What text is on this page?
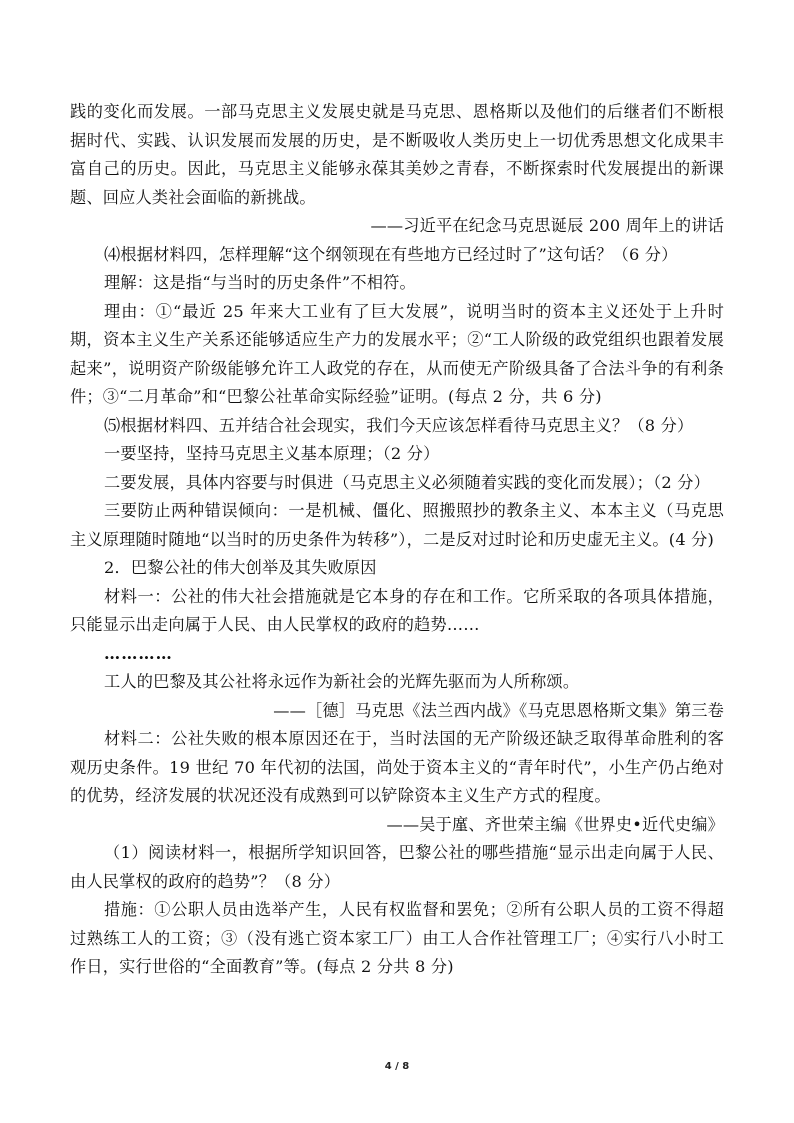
践的变化而发展。一部马克思主义发展史就是马克思、恩格斯以及他们的后继者们不断根据时代、实践、认识发展而发展的历史，是不断吸收人类历史上一切优秀思想文化成果丰富自己的历史。因此，马克思主义能够永葆其美妙之青春，不断探索时代发展提出的新课题、回应人类社会面临的新挑战。

——习近平在纪念马克思诞辰 200 周年上的讲话

⑷根据材料四，怎样理解“这个纲领现在有些地方已经过时了”这句话？（6 分）

理解：这是指“与当时的历史条件”不相符。

理由：①“最近 25 年来大工业有了巨大发展”，说明当时的资本主义还处于上升时期，资本主义生产关系还能够适应生产力的发展水平；②“工人阶级的政党组织也跟着发展起来”，说明资产阶级能够允许工人政党的存在，从而使无产阶级具备了合法斗争的有利条件；③“二月革命”和“巴黎公社革命实际经验”证明。(每点 2 分，共 6 分)

⑸根据材料四、五并结合社会现实，我们今天应该怎样看待马克思主义？（8 分）

一要坚持，坚持马克思主义基本原理；（2 分）

二要发展，具体内容要与时俱进（马克思主义必须随着实践的变化而发展）；（2 分）

三要防止两种错误倾向：一是机械、僵化、照搬照抄的教条主义、本本主义（马克思主义原理随时随地“以当时的历史条件为转移”），二是反对过时论和历史虚无主义。(4 分)

2．巴黎公社的伟大创举及其失败原因

材料一：公社的伟大社会措施就是它本身的存在和工作。它所采取的各项具体措施，只能显示出走向属于人民、由人民掌权的政府的趋势……

…………

工人的巴黎及其公社将永远作为新社会的光辉先驱而为人所称颂。

——［德］马克思《法兰西内战》《马克思恩格斯文集》第三卷

材料二：公社失败的根本原因还在于，当时法国的无产阶级还缺乏取得革命胜利的客观历史条件。19 世纪 70 年代初的法国，尚处于资本主义的“青年时代”，小生产仍占绝对的优势，经济发展的状况还没有成熟到可以铲除资本主义生产方式的程度。

——吴于廑、齐世荣主编《世界史•近代史编》

（1）阅读材料一，根据所学知识回答，巴黎公社的哪些措施“显示出走向属于人民、由人民掌权的政府的趋势”？（8 分）

措施：①公职人员由选举产生，人民有权监督和罢免；②所有公职人员的工资不得超过熟练工人的工资；③（没有逃亡资本家工厂）由工人合作社管理工厂；④实行八小时工作日，实行世俗的“全面教育”等。(每点 2 分共 8 分)

4 / 8
